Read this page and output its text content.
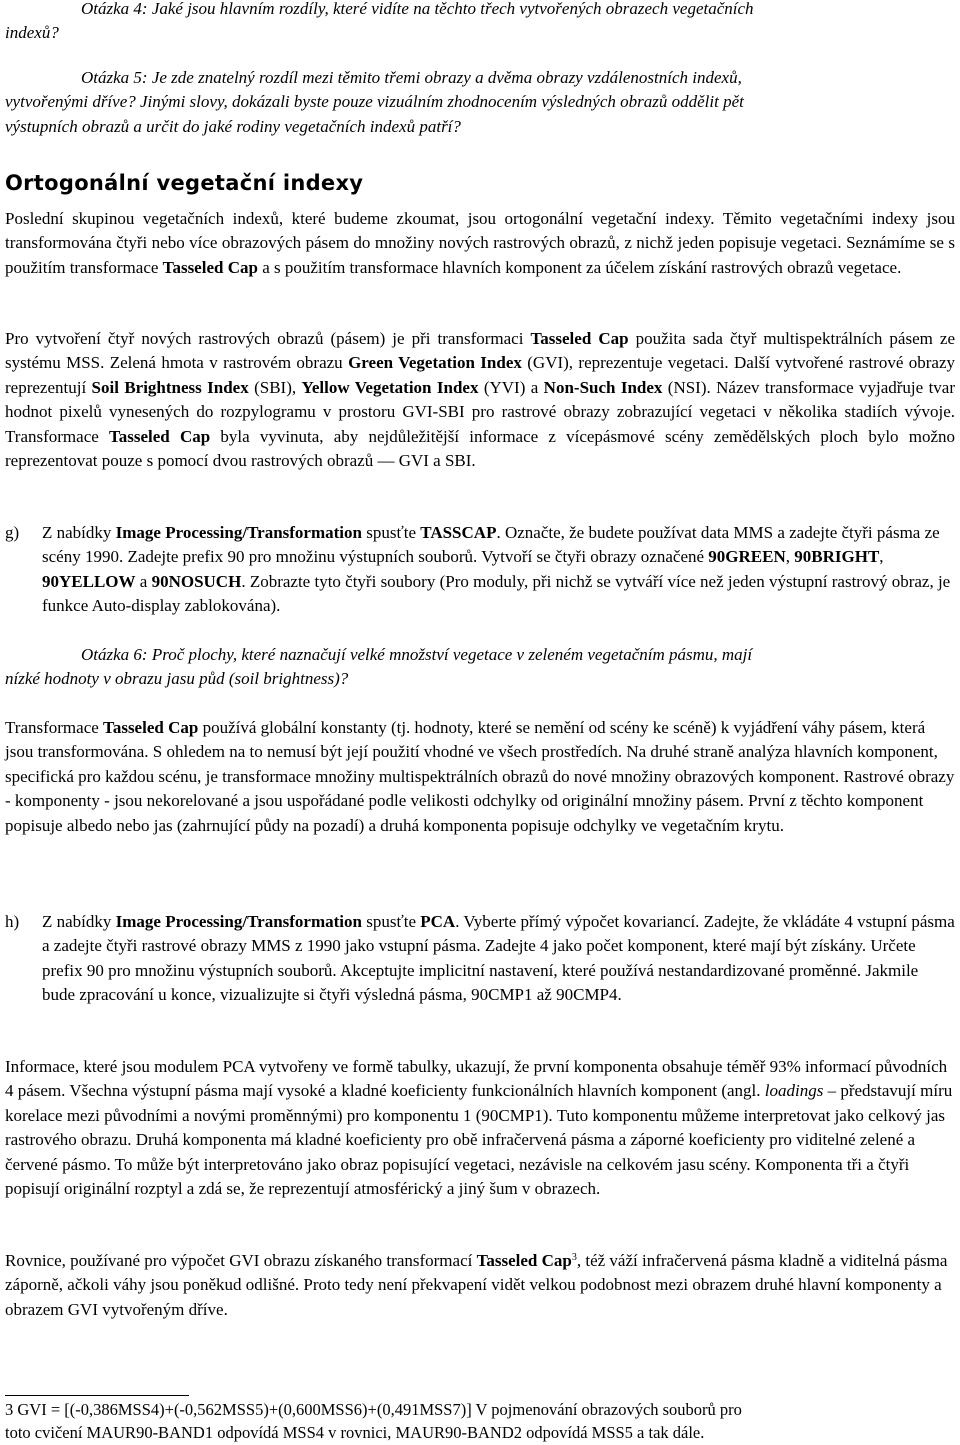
Otázka 4: Jaké jsou hlavním rozdíly, které vidíte na těchto třech vytvořených obrazech vegetačních

indexů?

Otázka 5: Je zde znatelný rozdíl mezi těmito třemi obrazy a dvěma obrazy vzdálenostních indexů,

vytvořenými dříve? Jinými slovy, dokázali byste pouze vizuálním zhodnocením výsledných obrazů oddělit pět

výstupních obrazů a určit do jaké rodiny vegetačních indexů patří?

Ortogonální vegetační indexy

Poslední skupinou vegetačních indexů, které budeme zkoumat, jsou ortogonální vegetační indexy. Těmito vegetačními indexy jsou transformována čtyři nebo více obrazových pásem do množiny nových rastrových obrazů, z nichž jeden popisuje vegetaci. Seznámíme se s použitím transformace Tasseled Cap a s použitím transformace hlavních komponent za účelem získání rastrových obrazů vegetace.

Pro vytvoření čtyř nových rastrových obrazů (pásem) je při transformaci Tasseled Cap použita sada čtyř multispektrálních pásem ze systému MSS. Zelená hmota v rastrovém obrazu Green Vegetation Index (GVI), reprezentuje vegetaci. Další vytvořené rastrové obrazy reprezentují Soil Brightness Index (SBI), Yellow Vegetation Index (YVI) a Non-Such Index (NSI). Název transformace vyjadřuje tvar hodnot pixelů vynesených do rozpylogramu v prostoru GVI-SBI pro rastrové obrazy zobrazující vegetaci v několika stadiích vývoje. Transformace Tasseled Cap byla vyvinuta, aby nejdůležitější informace z vícepásmové scény zemědělských ploch bylo možno reprezentovat pouze s pomocí dvou rastrových obrazů — GVI a SBI.

g)	Z nabídky Image Processing/Transformation spusťte TASSCAP. Označte, že budete používat data MMS a zadejte čtyři pásma ze scény 1990. Zadejte prefix 90 pro množinu výstupních souborů. Vytvoří se čtyři obrazy označené 90GREEN, 90BRIGHT, 90YELLOW a 90NOSUCH. Zobrazte tyto čtyři soubory (Pro moduly, při nichž se vytváří více než jeden výstupní rastrový obraz, je funkce Auto-display zablokována).

Otázka 6: Proč plochy, které naznačují velké množství vegetace v zeleném vegetačním pásmu, mají

nízké hodnoty v obrazu jasu půd (soil brightness)?

Transformace Tasseled Cap používá globální konstanty (tj. hodnoty, které se nemění od scény ke scéně) k vyjádření váhy pásem, která jsou transformována. S ohledem na to nemusí být její použití vhodné ve všech prostředích. Na druhé straně analýza hlavních komponent, specifická pro každou scénu, je transformace množiny multispektrálních obrazů do nové množiny obrazových komponent. Rastrové obrazy - komponenty - jsou nekorelované a jsou uspořádané podle velikosti odchylky od originální množiny pásem. První z těchto komponent popisuje albedo nebo jas (zahrnující půdy na pozadí) a druhá komponenta popisuje odchylky ve vegetačním krytu.

h)	Z nabídky Image Processing/Transformation spusťte PCA. Vyberte přímý výpočet kovariancí. Zadejte, že vkládáte 4 vstupní pásma a zadejte čtyři rastrové obrazy MMS z 1990 jako vstupní pásma. Zadejte 4 jako počet komponent, které mají být získány. Určete prefix 90 pro množinu výstupních souborů. Akceptujte implicitní nastavení, které používá nestandardizované proměnné. Jakmile bude zpracování u konce, vizualizujte si čtyři výsledná pásma, 90CMP1 až 90CMP4.

Informace, které jsou modulem PCA vytvořeny ve formě tabulky, ukazují, že první komponenta obsahuje téměř 93% informací původních 4 pásem. Všechna výstupní pásma mají vysoké a kladné koeficienty funkcionálních hlavních komponent (angl. loadings – představují míru korelace mezi původními a novými proměnnými) pro komponentu 1 (90CMP1). Tuto komponentu můžeme interpretovat jako celkový jas rastrového obrazu. Druhá komponenta má kladné koeficienty pro obě infračervená pásma a záporné koeficienty pro viditelné zelené a červené pásmo. To může být interpretováno jako obraz popisující vegetaci, nezávisle na celkovém jasu scény. Komponenta tři a čtyři popisují originální rozptyl a zdá se, že reprezentují atmosférický a jiný šum v obrazech.

Rovnice, používané pro výpočet GVI obrazu získaného transformací Tasseled Cap$^3$, též váží infračervená pásma kladně a viditelná pásma záporně, ačkoli váhy jsou poněkud odlišné. Proto tedy není překvapení vidět velkou podobnost mezi obrazem druhé hlavní komponenty a obrazem GVI vytvořeným dříve.

3 GVI = [(-0,386MSS4)+(-0,562MSS5)+(0,600MSS6)+(0,491MSS7)] V pojmenování obrazových souborů pro

toto cvičení MAUR90-BAND1 odpovídá MSS4 v rovnici, MAUR90-BAND2 odpovídá MSS5 a tak dále.
